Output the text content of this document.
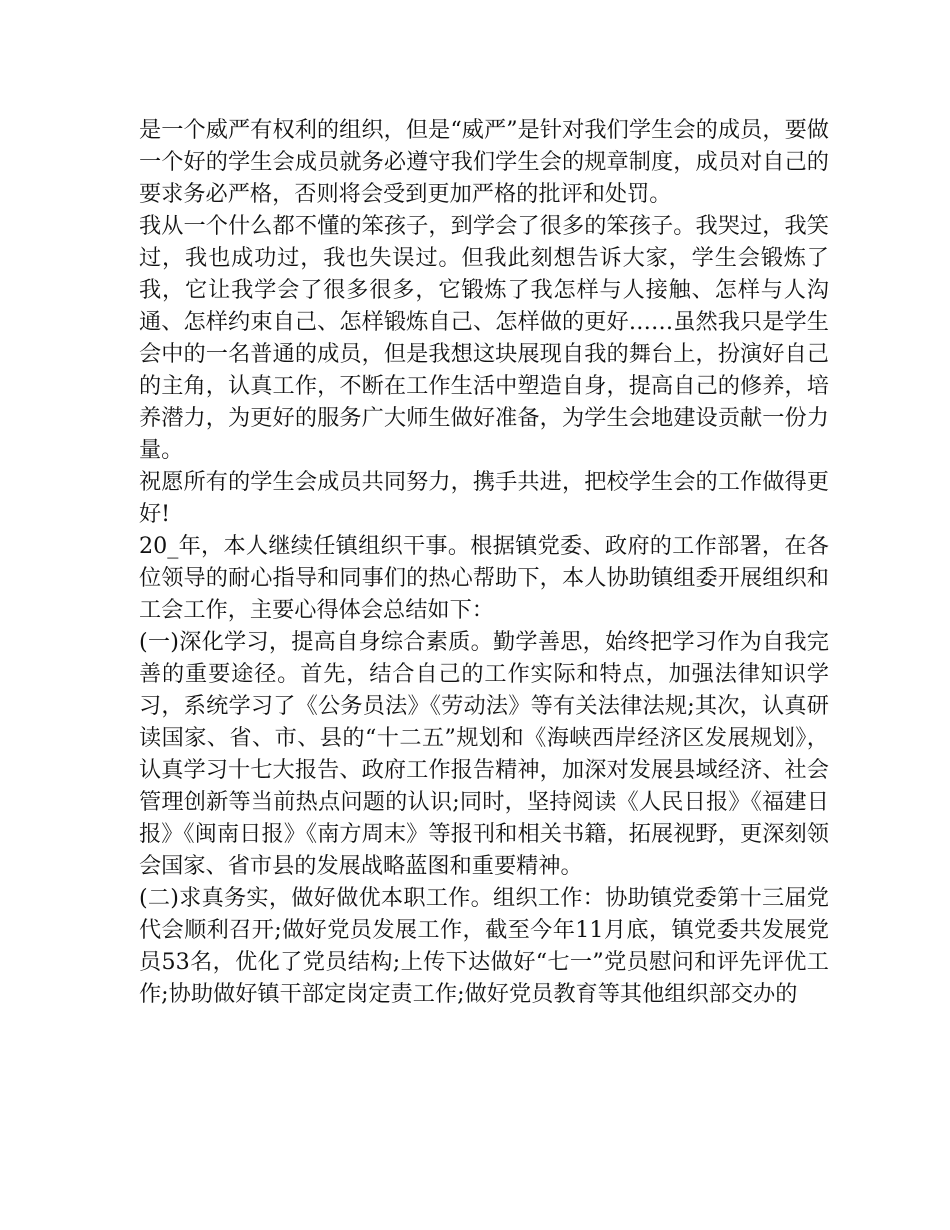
是一个威严有权利的组织，但是“威严”是针对我们学生会的成员，要做一个好的学生会成员就务必遵守我们学生会的规章制度，成员对自己的要求务必严格，否则将会受到更加严格的批评和处罚。

我从一个什么都不懂的笨孩子，到学会了很多的笨孩子。我哭过，我笑过，我也成功过，我也失误过。但我此刻想告诉大家，学生会锻炼了我，它让我学会了很多很多，它锻炼了我怎样与人接触、怎样与人沟通、怎样约束自己、怎样锻炼自己、怎样做的更好……虽然我只是学生会中的一名普通的成员，但是我想这块展现自我的舞台上，扮演好自己的主角，认真工作，不断在工作生活中塑造自身，提高自己的修养，培养潜力，为更好的服务广大师生做好准备，为学生会地建设贡献一份力量。

祝愿所有的学生会成员共同努力，携手共进，把校学生会的工作做得更好!

20_年，本人继续任镇组织干事。根据镇党委、政府的工作部署，在各位领导的耐心指导和同事们的热心帮助下，本人协助镇组委开展组织和工会工作，主要心得体会总结如下：

(一)深化学习，提高自身综合素质。勤学善思，始终把学习作为自我完善的重要途径。首先，结合自己的工作实际和特点，加强法律知识学习，系统学习了《公务员法》《劳动法》等有关法律法规;其次，认真研读国家、省、市、县的“十二五”规划和《海峡西岸经济区发展规划》，认真学习十七大报告、政府工作报告精神，加深对发展县域经济、社会管理创新等当前热点问题的认识;同时，坚持阅读《人民日报》《福建日报》《闽南日报》《南方周末》等报刊和相关书籍，拓展视野，更深刻领会国家、省市县的发展战略蓝图和重要精神。

(二)求真务实，做好做优本职工作。组织工作：协助镇党委第十三届党代会顺利召开;做好党员发展工作，截至今年11月底，镇党委共发展党员53名，优化了党员结构;上传下达做好“七一”党员慰问和评先评优工作;协助做好镇干部定岗定责工作;做好党员教育等其他组织部交办的
